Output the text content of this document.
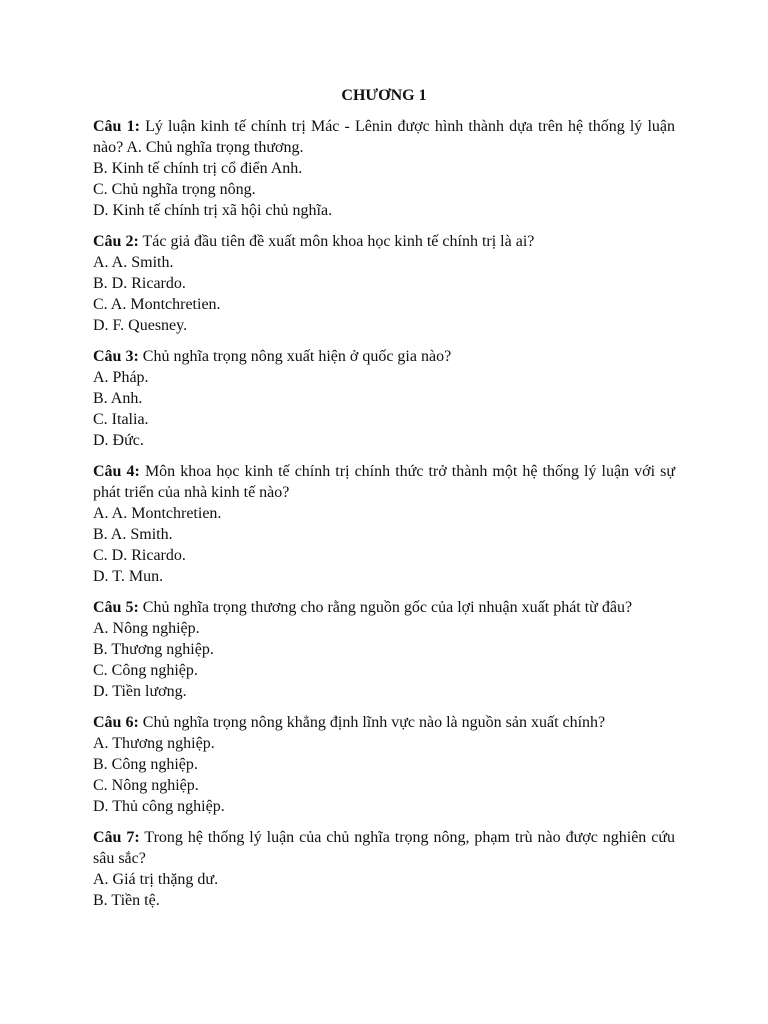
CHƯƠNG 1
Câu 1: Lý luận kinh tế chính trị Mác - Lênin được hình thành dựa trên hệ thống lý luận nào? A. Chủ nghĩa trọng thương.
B. Kinh tế chính trị cổ điển Anh.
C. Chủ nghĩa trọng nông.
D. Kinh tế chính trị xã hội chủ nghĩa.
Câu 2: Tác giả đầu tiên đề xuất môn khoa học kinh tế chính trị là ai?
A. A. Smith.
B. D. Ricardo.
C. A. Montchretien.
D. F. Quesney.
Câu 3: Chủ nghĩa trọng nông xuất hiện ở quốc gia nào?
A. Pháp.
B. Anh.
C. Italia.
D. Đức.
Câu 4: Môn khoa học kinh tế chính trị chính thức trở thành một hệ thống lý luận với sự phát triển của nhà kinh tế nào?
A. A. Montchretien.
B. A. Smith.
C. D. Ricardo.
D. T. Mun.
Câu 5: Chủ nghĩa trọng thương cho rằng nguồn gốc của lợi nhuận xuất phát từ đâu?
A. Nông nghiệp.
B. Thương nghiệp.
C. Công nghiệp.
D. Tiền lương.
Câu 6: Chủ nghĩa trọng nông khẳng định lĩnh vực nào là nguồn sản xuất chính?
A. Thương nghiệp.
B. Công nghiệp.
C. Nông nghiệp.
D. Thủ công nghiệp.
Câu 7: Trong hệ thống lý luận của chủ nghĩa trọng nông, phạm trù nào được nghiên cứu sâu sắc?
A. Giá trị thặng dư.
B. Tiền tệ.
